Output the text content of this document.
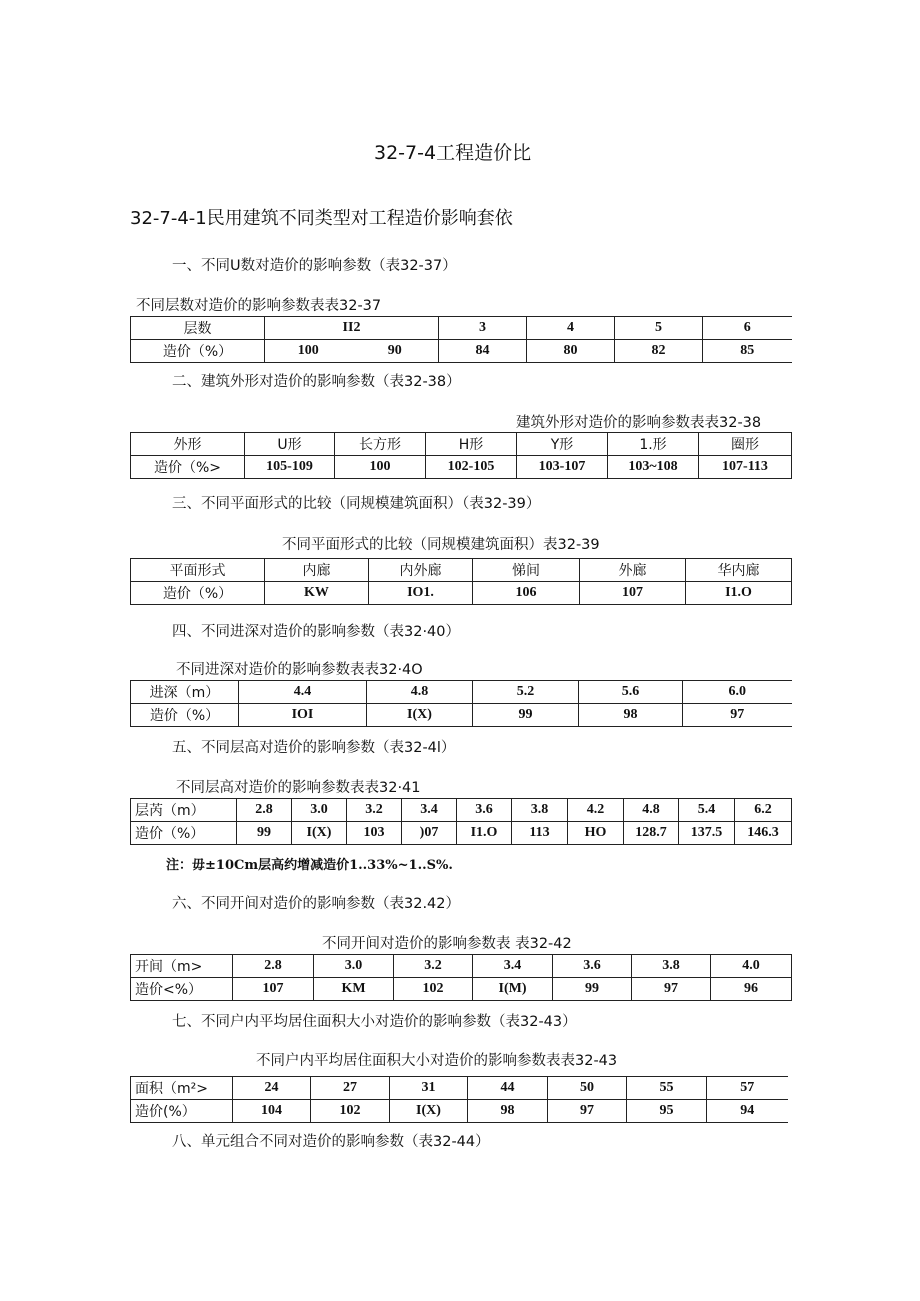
32-7-4工程造价比
32-7-4-1民用建筑不同类型对工程造价影响套依
一、不同U数对造价的影响参数（表32-37）
不同层数对造价的影响参数表表32-37
层数	II2		3	4	5	6
造价（%）	100	90	84	80	82	85
二、建筑外形对造价的影响参数（表32-38）
建筑外形对造价的影响参数表表32-38
外形	U形	长方形	H形	Y形	1.形	圈形
造价（%>	105-109	100	102-105	103-107	103~108	107-113
三、不同平面形式的比较（同规模建筑面积）（表32-39）
不同平面形式的比较（同规模建筑面积）表32-39
平面形式	内廊	内外廊	悌间	外廊	华内廊
造价（%）	KW	IO1.	106	107	I1.O
四、不同进深对造价的影响参数（表32·40）
不同进深对造价的影响参数表表32·4O
进深（m）	4.4	4.8	5.2	5.6	6.0
造价（%）	IOI	I(X)	99	98	97
五、不同层高对造价的影响参数（表32-4l）
不同层高对造价的影响参数表表32·41
层芮（m）	2.8	3.0	3.2	3.4	3.6	3.8	4.2	4.8	5.4	6.2
造价（%）	99	I(X)	103	)07	I1.O	113	HO	128.7	137.5	146.3
注：毋±10Cm层高约增减造价1..33%~1..S%.
六、不同开间对造价的影响参数（表32.42）
不同开间对造价的影响参数表 表32-42
开间（m>	2.8	3.0	3.2	3.4	3.6	3.8	4.0
造价<%）	107	KM	102	I(M)	99	97	96
七、不同户内平均居住面积大小对造价的影响参数（表32-43）
不同户内平均居住面积大小对造价的影响参数表表32-43
面积（m²>	24	27	31	44	50	55	57
造价(%）	104	102	I(X)	98	97	95	94
八、单元组合不同对造价的影响参数（表32-44）
